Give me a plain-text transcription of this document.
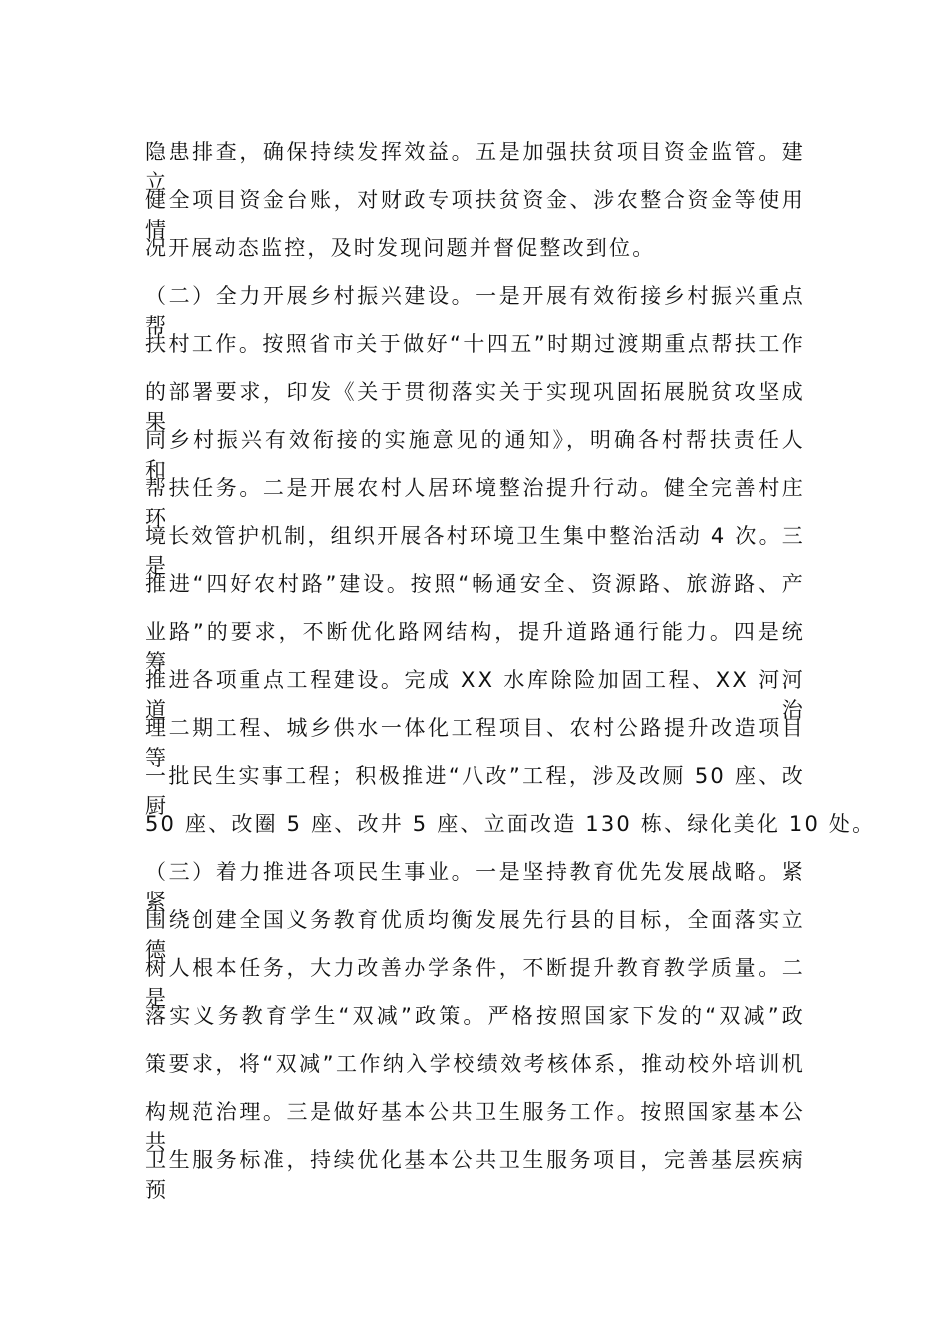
隐患排查，确保持续发挥效益。五是加强扶贫项目资金监管。建立
健全项目资金台账，对财政专项扶贫资金、涉农整合资金等使用情
况开展动态监控，及时发现问题并督促整改到位。
（二）全力开展乡村振兴建设。一是开展有效衔接乡村振兴重点帮
扶村工作。按照省市关于做好“十四五”时期过渡期重点帮扶工作
的部署要求，印发《关于贯彻落实关于实现巩固拓展脱贫攻坚成果
同乡村振兴有效衔接的实施意见的通知》，明确各村帮扶责任人和
帮扶任务。二是开展农村人居环境整治提升行动。健全完善村庄环
境长效管护机制，组织开展各村环境卫生集中整治活动 4 次。三是
推进“四好农村路”建设。按照“畅通安全、资源路、旅游路、产
业路”的要求，不断优化路网结构，提升道路通行能力。四是统筹
推进各项重点工程建设。完成 XX 水库除险加固工程、XX 河河道治
理二期工程、城乡供水一体化工程项目、农村公路提升改造项目等
一批民生实事工程；积极推进“八改”工程，涉及改厕 50 座、改厨
50 座、改圈 5 座、改井 5 座、立面改造 130 栋、绿化美化 10 处。
（三）着力推进各项民生事业。一是坚持教育优先发展战略。紧紧
围绕创建全国义务教育优质均衡发展先行县的目标，全面落实立德
树人根本任务，大力改善办学条件，不断提升教育教学质量。二是
落实义务教育学生“双减”政策。严格按照国家下发的“双减”政
策要求，将“双减”工作纳入学校绩效考核体系，推动校外培训机
构规范治理。三是做好基本公共卫生服务工作。按照国家基本公共
卫生服务标准，持续优化基本公共卫生服务项目，完善基层疾病预
